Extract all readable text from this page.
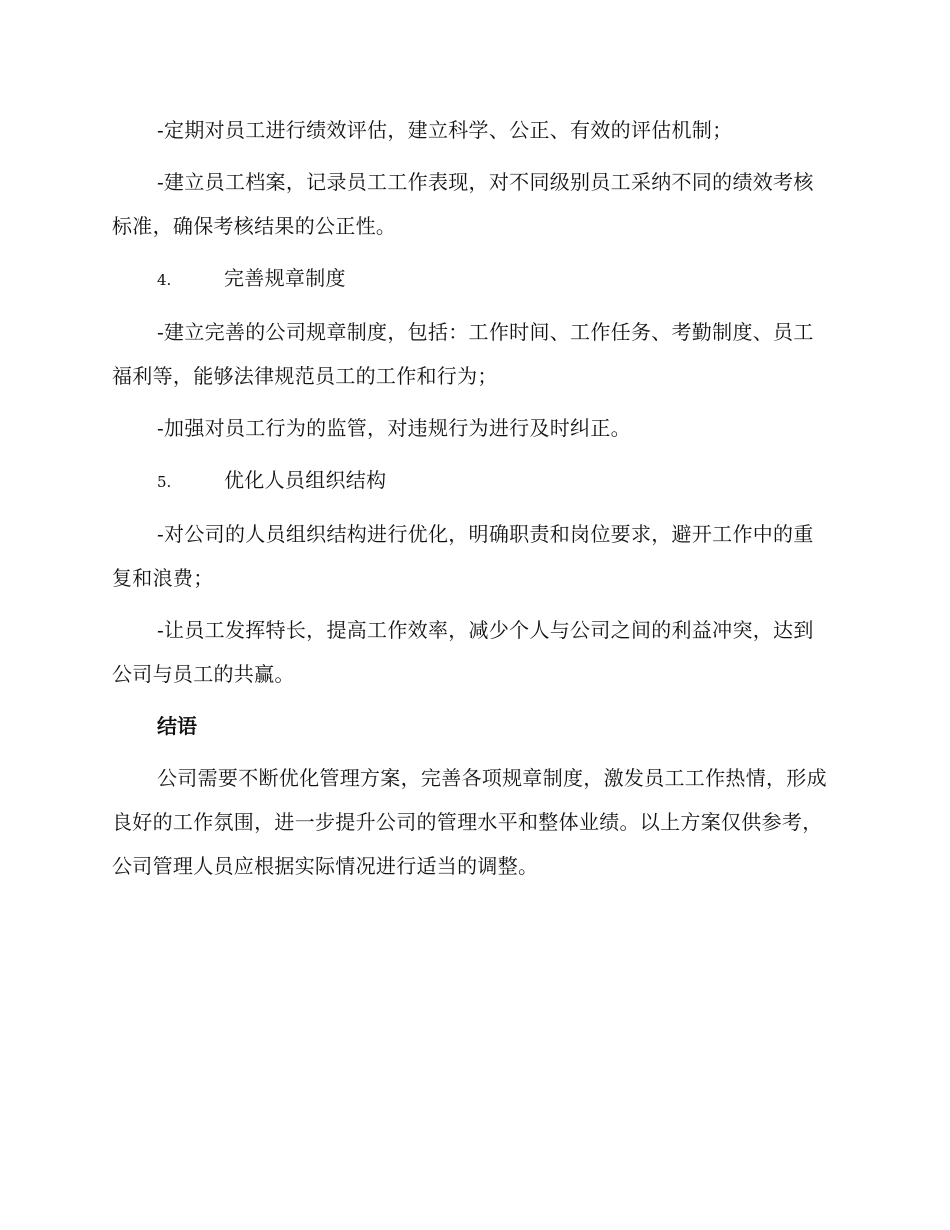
-定期对员工进行绩效评估，建立科学、公正、有效的评估机制；

-建立员工档案，记录员工工作表现，对不同级别员工采纳不同的绩效考核标准，确保考核结果的公正性。

4.	完善规章制度

-建立完善的公司规章制度，包括：工作时间、工作任务、考勤制度、员工福利等，能够法律规范员工的工作和行为；

-加强对员工行为的监管，对违规行为进行及时纠正。

5.	优化人员组织结构

-对公司的人员组织结构进行优化，明确职责和岗位要求，避开工作中的重复和浪费；

-让员工发挥特长，提高工作效率，减少个人与公司之间的利益冲突，达到公司与员工的共赢。

结语

公司需要不断优化管理方案，完善各项规章制度，激发员工工作热情，形成良好的工作氛围，进一步提升公司的管理水平和整体业绩。以上方案仅供参考，公司管理人员应根据实际情况进行适当的调整。
